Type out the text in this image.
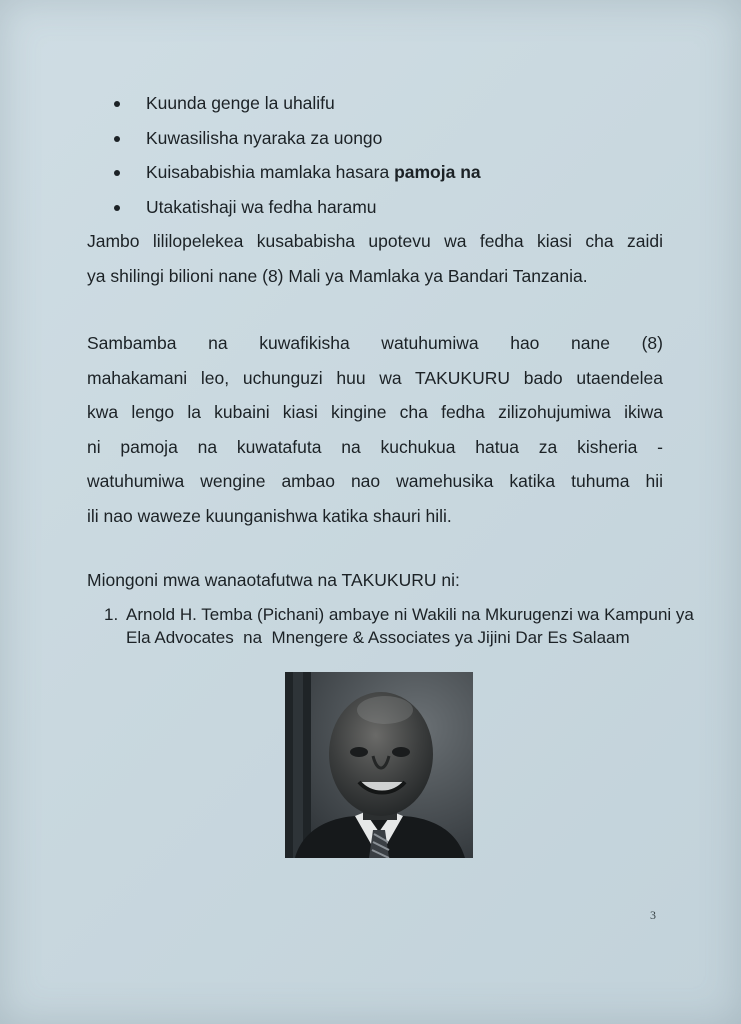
Kuunda genge la uhalifu
Kuwasilisha nyaraka za uongo
Kuisababishia mamlaka hasara pamoja na
Utakatishaji wa fedha haramu
Jambo lililopelekea kusababisha upotevu wa fedha kiasi cha zaidi
ya shilingi bilioni nane (8) Mali ya Mamlaka ya Bandari Tanzania.
Sambamba na kuwafikisha watuhumiwa hao nane (8)
mahakamani leo, uchunguzi huu wa TAKUKURU bado utaendelea
kwa lengo la kubaini kiasi kingine cha fedha zilizohujumiwa ikiwa
ni pamoja na kuwatafuta na kuchukua hatua za kisheria -
watuhumiwa wengine ambao nao wamehusika katika tuhuma hii
ili nao waweze kuunganishwa katika shauri hili.

Miongoni mwa wanaotafutwa na TAKUKURU ni:

1. Arnold H. Temba (Pichani) ambaye ni Wakili na Mkurugenzi wa Kampuni ya Ela Advocates  na  Mnengere & Associates ya Jijini Dar Es Salaam
3
